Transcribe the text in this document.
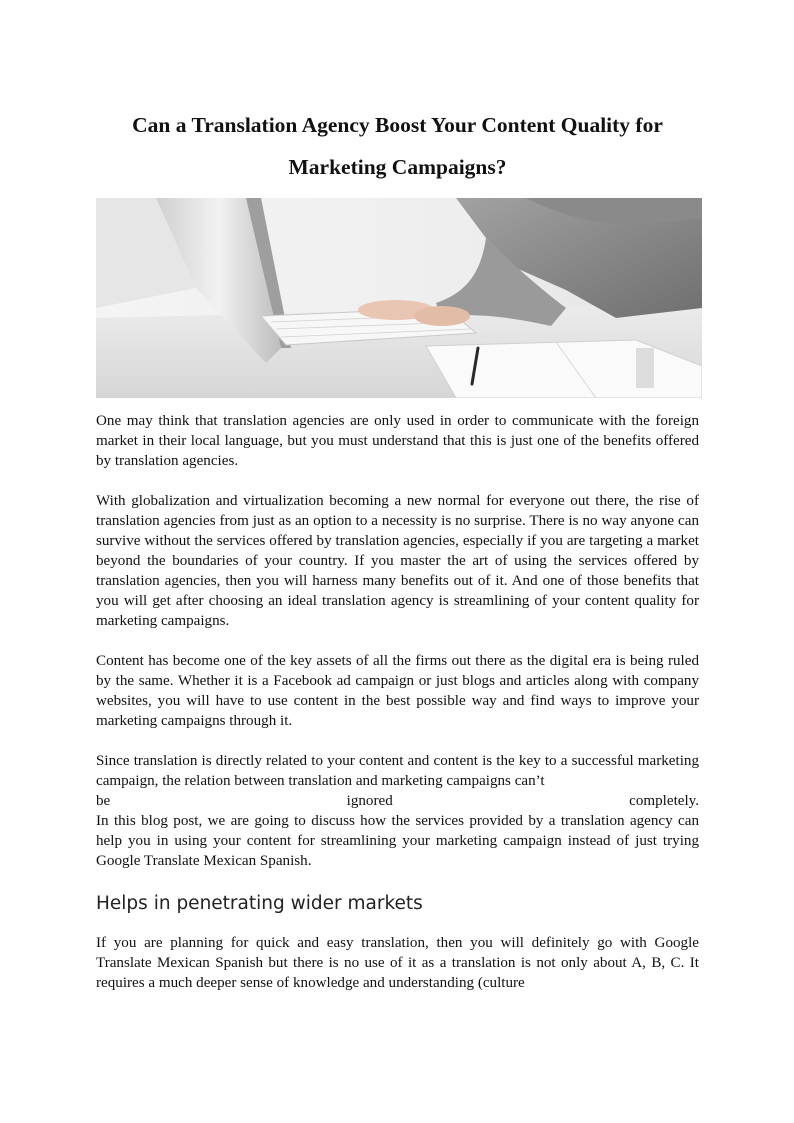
Can a Translation Agency Boost Your Content Quality for
Marketing Campaigns?

One may think that translation agencies are only used in order to communicate with the foreign market in their local language, but you must understand that this is just one of the benefits offered by translation agencies.

With globalization and virtualization becoming a new normal for everyone out there, the rise of translation agencies from just as an option to a necessity is no surprise. There is no way anyone can survive without the services offered by translation agencies, especially if you are targeting a market beyond the boundaries of your country. If you master the art of using the services offered by translation agencies, then you will harness many benefits out of it. And one of those benefits that you will get after choosing an ideal translation agency is streamlining of your content quality for marketing campaigns.

Content has become one of the key assets of all the firms out there as the digital era is being ruled by the same. Whether it is a Facebook ad campaign or just blogs and articles along with company websites, you will have to use content in the best possible way and find ways to improve your marketing campaigns through it.

Since translation is directly related to your content and content is the key to a successful marketing campaign, the relation between translation and marketing campaigns can’t
be	ignored	completely.

In this blog post, we are going to discuss how the services provided by a translation agency can help you in using your content for streamlining your marketing campaign instead of just trying Google Translate Mexican Spanish.

Helps in penetrating wider markets

If you are planning for quick and easy translation, then you will definitely go with Google Translate Mexican Spanish but there is no use of it as a translation is not only about A, B, C. It requires a much deeper sense of knowledge and understanding (culture
